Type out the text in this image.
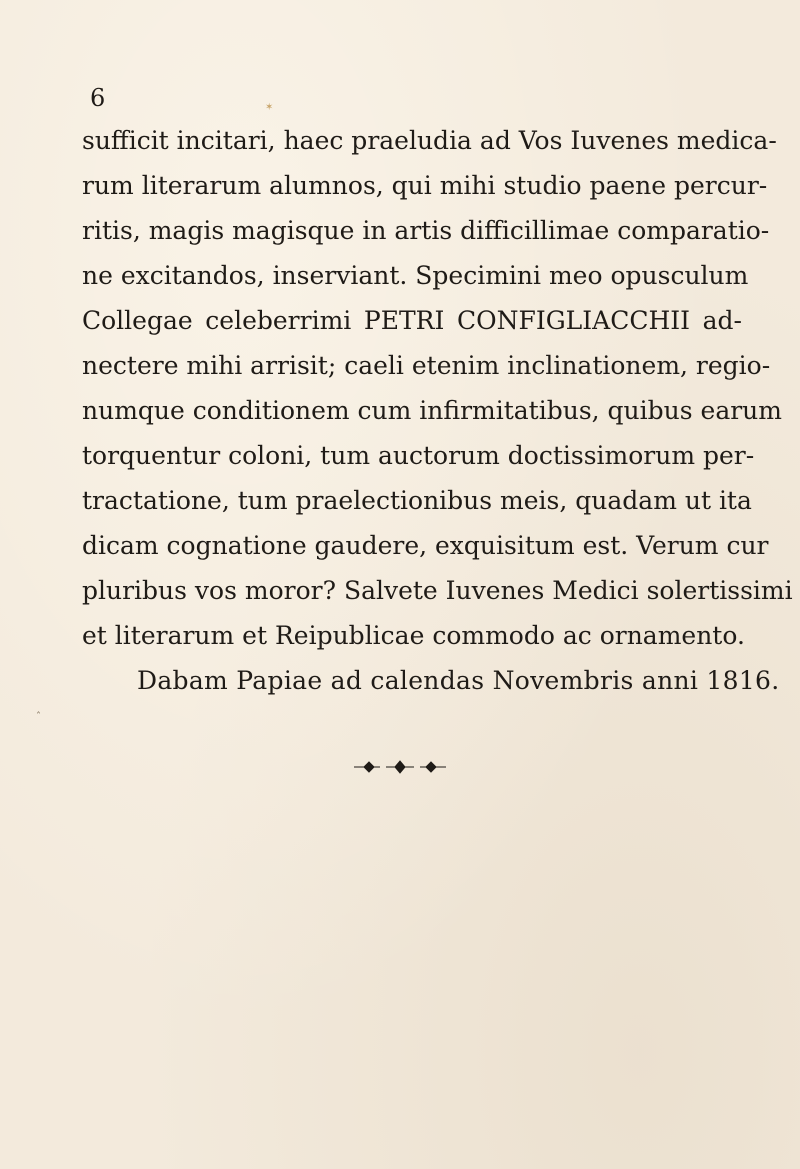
6
sufficit incitari, haec praeludia ad Vos Iuvenes medica-
rum literarum alumnos, qui mihi studio paene percur-
ritis, magis magisque in artis difficillimae comparatio-
ne excitandos, inserviant. Specimini meo opusculum
Collegae celeberrimi PETRI CONFIGLIACCHII ad-
nectere mihi arrisit; caeli etenim inclinationem, regio-
numque conditionem cum infirmitatibus, quibus earum
torquentur coloni, tum auctorum doctissimorum per-
tractatione, tum praelectionibus meis, quadam ut ita
dicam cognatione gaudere, exquisitum est. Verum cur
pluribus vos moror? Salvete Iuvenes Medici solertissimi
et literarum et Reipublicae commodo ac ornamento.
Dabam Papiae ad calendas Novembris anni 1816.
✶
ˆ
